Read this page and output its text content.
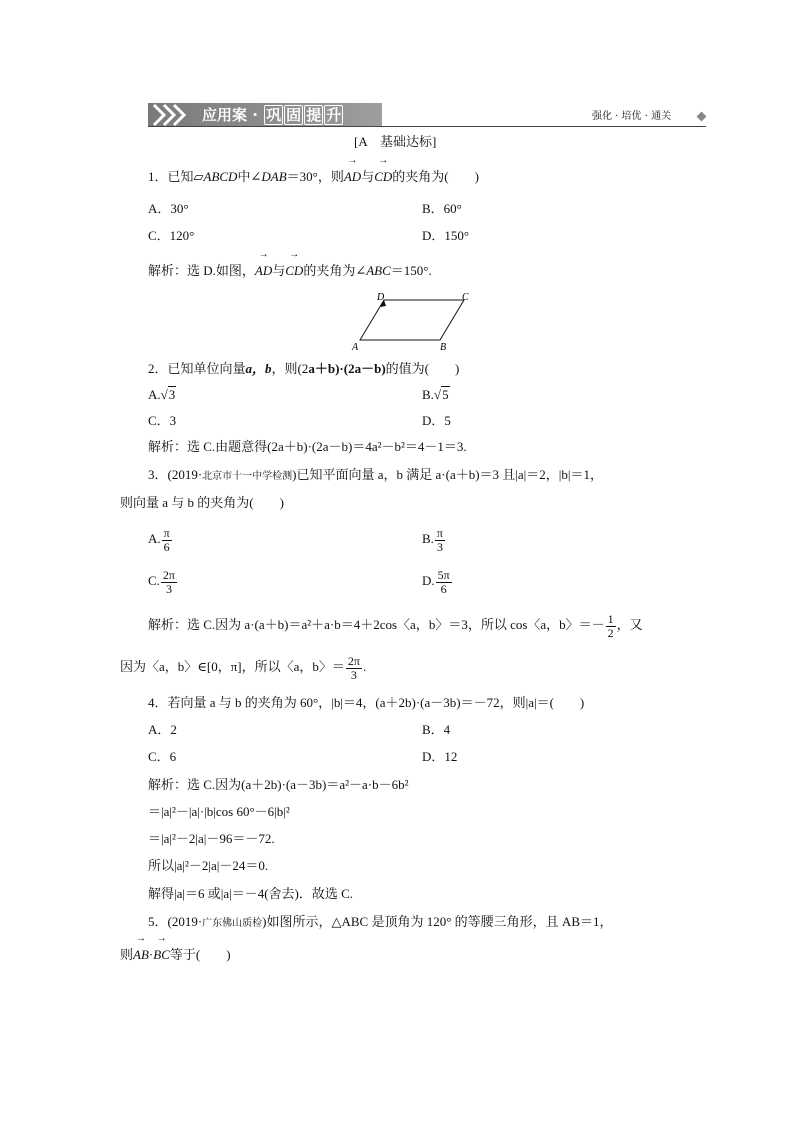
应用案 · 巩 固 提 升	强化 · 培优 · 通关
[A　基础达标]
1．已知▱ABCD中∠DAB＝30°，则→ AD与→ CD的夹角为(　　)
A．30°	B．60°
C．120°	D．150°
解析：选 D.如图，→ AD与→ CD的夹角为∠ABC＝150°.
A	B
C
D
2．已知单位向量a，b，则(2a＋b)·(2a－b)的值为(　　)
A.√3	B.√5
C．3	D．5
解析：选 C.由题意得(2a＋b)·(2a－b)＝4a²－b²＝4－1＝3.
3．(2019·北京市十一中学检测)已知平面向量 a，b 满足 a·(a＋b)＝3 且|a|＝2，|b|＝1，
则向量 a 与 b 的夹角为(　　)
A. $\frac{\pi}{6}$	B. $\frac{\pi}{3}$
C. $\frac{2\pi}{3}$	D. $\frac{5\pi}{6}$
解析：选 C.因为 a·(a＋b)＝a²＋a·b＝4＋2cos〈a，b〉＝3，所以 cos〈a，b〉＝－ $\frac{1}{2}$ ，又
因为〈a，b〉∈[0，π]，所以〈a，b〉＝ $\frac{2\pi}{3}$ .
4．若向量 a 与 b 的夹角为 60°，|b|＝4，(a＋2b)·(a－3b)＝－72，则|a|＝(　　)
A．2	B．4
C．6	D．12
解析：选 C.因为(a＋2b)·(a－3b)＝a²－a·b－6b²
＝|a|²－|a|·|b|cos 60°－6|b|²
＝|a|²－2|a|－96＝－72.
所以|a|²－2|a|－24＝0.
解得|a|＝6 或|a|＝－4(舍去)．故选 C.
5．(2019·广东佛山质检)如图所示，△ABC 是顶角为 120° 的等腰三角形，且 AB＝1，
则→ AB·→ BC等于(　　)
